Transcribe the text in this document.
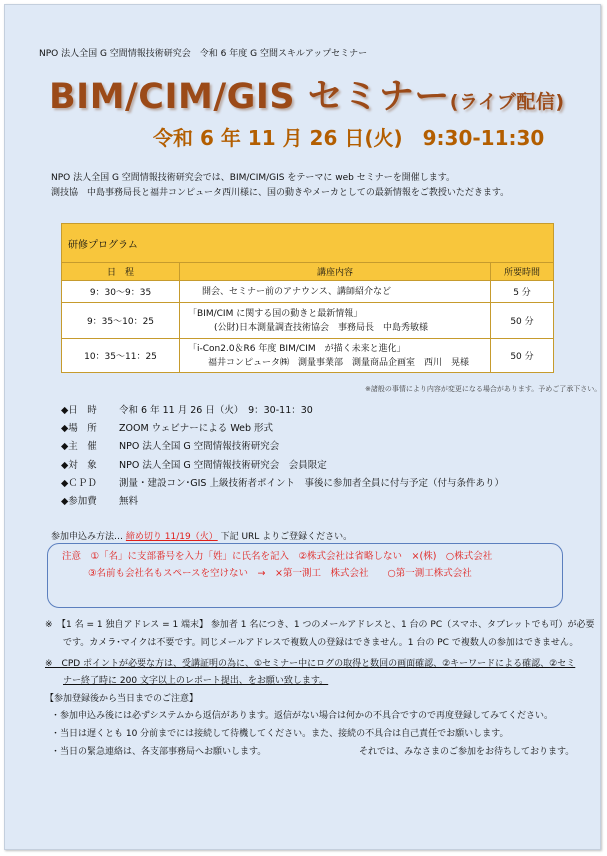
NPO 法人全国 G 空間情報技術研究会　令和 6 年度 G 空間スキルアップセミナー
BIM/CIM/GIS セミナー(ライブ配信)
令和 6 年 11 月 26 日(火)　9:30-11:30
NPO 法人全国 G 空間情報技術研究会では、BIM/CIM/GIS をテーマに web セミナーを開催します。
測技協　中島事務局長と福井コンピュータ西川様に、国の動きやメーカとしての最新情報をご教授いただきます。
研修プログラム		
日　程	講座内容	所要時間
9：30〜9：35	開会、セミナー前のアナウンス、講師紹介など	5 分
9：35〜10：25	「BIM/CIM に関する国の動きと最新情報」
(公財)日本測量調査技術協会　事務局長　中島秀敏様	50 分
10：35〜11：25	「i-Con2.0＆R6 年度 BIM/CIM　が描く未来と進化」
福井コンピュータ㈱　測量事業部　測量商品企画室　西川　晃様	50 分
※諸般の事情により内容が変更になる場合があります。予めご了承下さい。
◆日　時 令和 6 年 11 月 26 日（火）　9：30-11：30
◆場　所 ZOOM ウェビナーによる Web 形式
◆主　催 NPO 法人全国 G 空間情報技術研究会
◆対　象 NPO 法人全国 G 空間情報技術研究会　会員限定
◆ＣＰＤ 測量・建設コン･GIS 上級技術者ポイント　事後に参加者全員に付与予定（付与条件あり）
◆参加費 無料
参加申込み方法… 締め切り 11/19（火） 下記 URL よりご登録ください。
注意　①「名」に支部番号を入力「姓」に氏名を記入　②株式会社は省略しない　×(株)　○株式会社
③名前も会社名もスペースを空けない　→　×第一測工　株式会社　　○第一測工株式会社
※　【1 名 = 1 独自アドレス = 1 端末】 参加者 1 名につき、1 つのメールアドレスと、1 台の PC（スマホ、タブレットでも可）が必要
です。カメラ･マイクは不要です。同じメールアドレスで複数人の登録はできません。1 台の PC で複数人の参加はできません。
※　CPD ポイントが必要な方は、受講証明の為に、①セミナー中にログの取得と数回の画面確認、②キーワードによる確認、②セミ
ナー終了時に 200 文字以上のレポート提出、をお願い致します。
【参加登録後から当日までのご注意】
・参加申込み後には必ずシステムから返信があります。返信がない場合は何かの不具合ですので再度登録してみてください。
・当日は遅くとも 10 分前までには接続して待機してください。また、接続の不具合は自己責任でお願いします。
・当日の緊急連絡は、各支部事務局へお願いします。	それでは、みなさまのご参加をお待ちしております。
